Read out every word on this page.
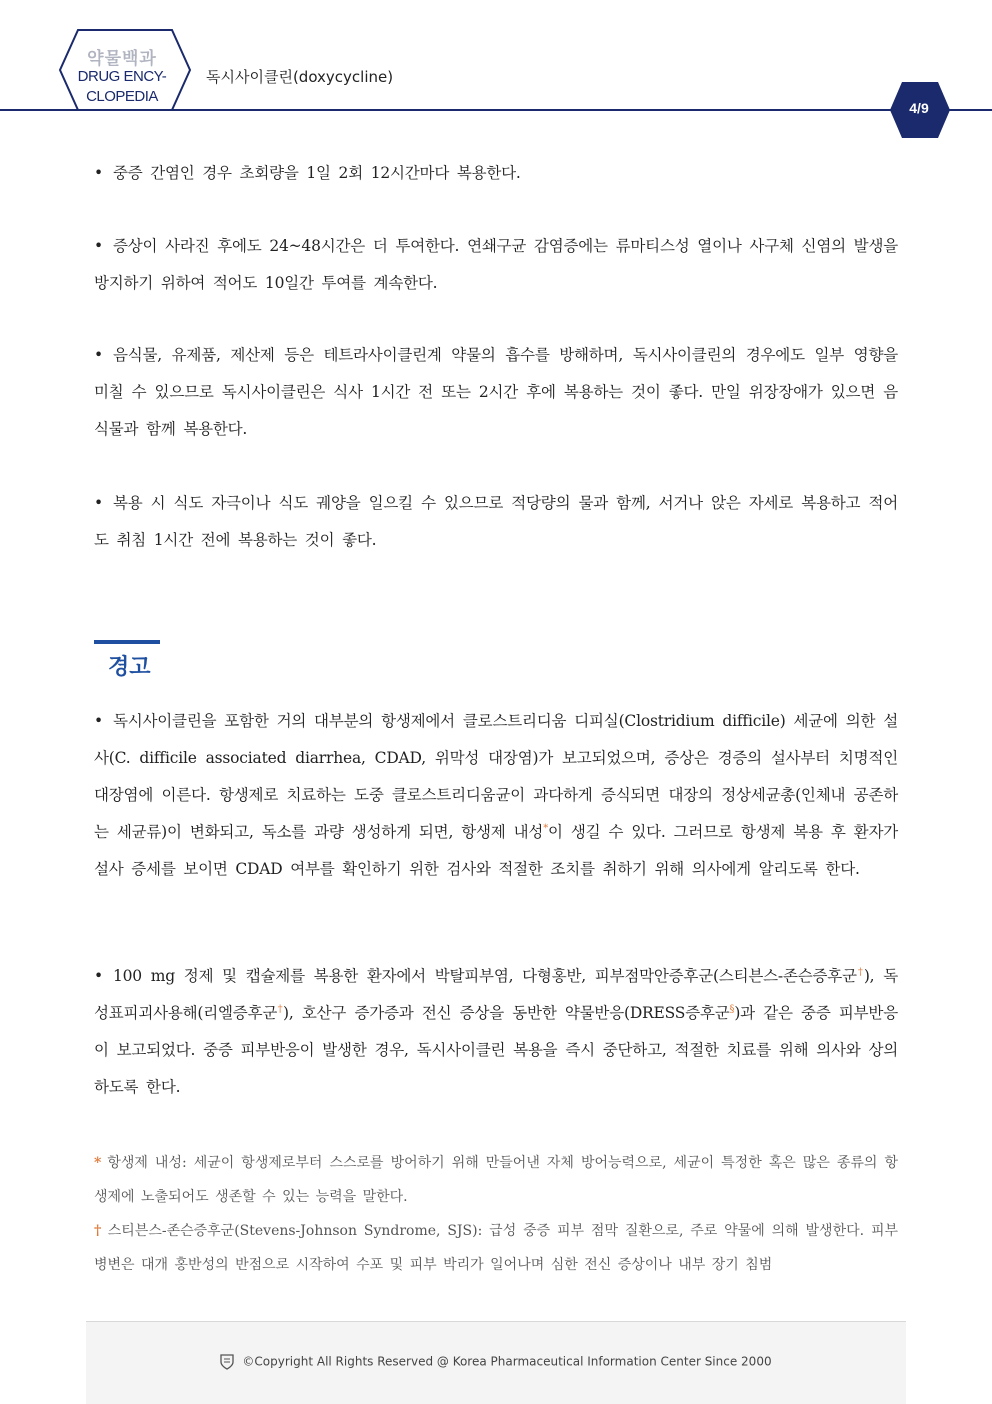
약물백과
DRUG ENCY-
CLOPEDIA
독시사이클린(doxycycline)
4/9
• 중증 간염인 경우 초회량을 1일 2회 12시간마다 복용한다.
• 증상이 사라진 후에도 24~48시간은 더 투여한다. 연쇄구균 감염증에는 류마티스성 열이나 사구체 신염의 발생을 방지하기 위하여 적어도 10일간 투여를 계속한다.
• 음식물, 유제품, 제산제 등은 테트라사이클린계 약물의 흡수를 방해하며, 독시사이클린의 경우에도 일부 영향을 미칠 수 있으므로 독시사이클린은 식사 1시간 전 또는 2시간 후에 복용하는 것이 좋다. 만일 위장장애가 있으면 음식물과 함께 복용한다.
• 복용 시 식도 자극이나 식도 궤양을 일으킬 수 있으므로 적당량의 물과 함께, 서거나 앉은 자세로 복용하고 적어도 취침 1시간 전에 복용하는 것이 좋다.
경고
• 독시사이클린을 포함한 거의 대부분의 항생제에서 클로스트리디움 디피실(Clostridium difficile) 세균에 의한 설사(C. difficile associated diarrhea, CDAD, 위막성 대장염)가 보고되었으며, 증상은 경증의 설사부터 치명적인 대장염에 이른다. 항생제로 치료하는 도중 클로스트리디움균이 과다하게 증식되면 대장의 정상세균총(인체내 공존하는 세균류)이 변화되고, 독소를 과량 생성하게 되면, 항생제 내성*이 생길 수 있다. 그러므로 항생제 복용 후 환자가 설사 증세를 보이면 CDAD 여부를 확인하기 위한 검사와 적절한 조치를 취하기 위해 의사에게 알리도록 한다.
• 100 mg 정제 및 캡슐제를 복용한 환자에서 박탈피부염, 다형홍반, 피부점막안증후군(스티븐스-존슨증후군†), 독성표피괴사용해(리엘증후군†), 호산구 증가증과 전신 증상을 동반한 약물반응(DRESS증후군§)과 같은 중증 피부반응이 보고되었다. 중증 피부반응이 발생한 경우, 독시사이클린 복용을 즉시 중단하고, 적절한 치료를 위해 의사와 상의하도록 한다.
* 항생제 내성: 세균이 항생제로부터 스스로를 방어하기 위해 만들어낸 자체 방어능력으로, 세균이 특정한 혹은 많은 종류의 항생제에 노출되어도 생존할 수 있는 능력을 말한다.
† 스티븐스-존슨증후군(Stevens-Johnson Syndrome, SJS): 급성 중증 피부 점막 질환으로, 주로 약물에 의해 발생한다. 피부 병변은 대개 홍반성의 반점으로 시작하여 수포 및 피부 박리가 일어나며 심한 전신 증상이나 내부 장기 침범
©Copyright All Rights Reserved @ Korea Pharmaceutical Information Center Since 2000
